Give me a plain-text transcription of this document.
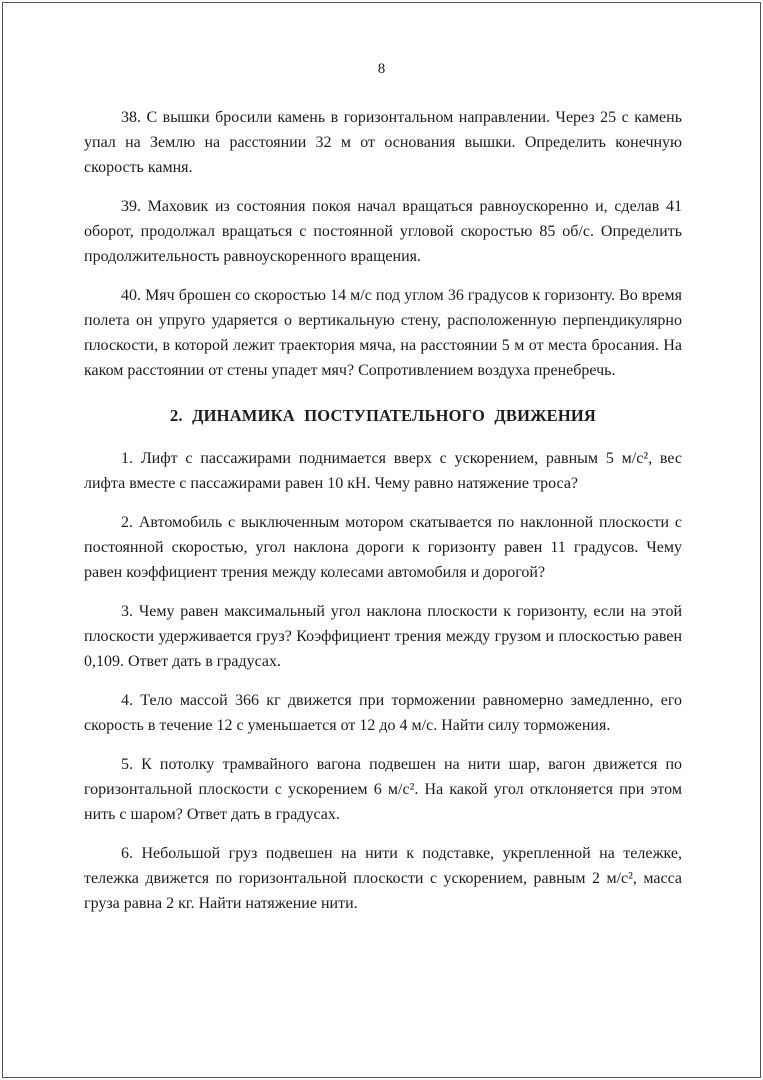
8

38. С вышки бросили камень в горизонтальном направлении. Через 25 с камень упал на Землю на расстоянии 32 м от основания вышки. Определить конечную скорость камня.

39. Маховик из состояния покоя начал вращаться равноускоренно и, сделав 41 оборот, продолжал вращаться с постоянной угловой скоростью 85 об/с. Определить продолжительность равноускоренного вращения.

40. Мяч брошен со скоростью 14 м/с под углом 36 градусов к горизонту. Во время полета он упруго ударяется о вертикальную стену, расположенную перпендикулярно плоскости, в которой лежит траектория мяча, на расстоянии 5 м от места бросания. На каком расстоянии от стены упадет мяч? Сопротивлением воздуха пренебречь.

2. ДИНАМИКА ПОСТУПАТЕЛЬНОГО ДВИЖЕНИЯ

1. Лифт с пассажирами поднимается вверх с ускорением, равным 5 м/с², вес лифта вместе с пассажирами равен 10 кН. Чему равно натяжение троса?

2. Автомобиль с выключенным мотором скатывается по наклонной плоскости с постоянной скоростью, угол наклона дороги к горизонту равен 11 градусов. Чему равен коэффициент трения между колесами автомобиля и дорогой?

3. Чему равен максимальный угол наклона плоскости к горизонту, если на этой плоскости удерживается груз? Коэффициент трения между грузом и плоскостью равен 0,109. Ответ дать в градусах.

4. Тело массой 366 кг движется при торможении равномерно замедленно, его скорость в течение 12 с уменьшается от 12 до 4 м/с. Найти силу торможения.

5. К потолку трамвайного вагона подвешен на нити шар, вагон движется по горизонтальной плоскости с ускорением 6 м/с². На какой угол отклоняется при этом нить с шаром? Ответ дать в градусах.

6. Небольшой груз подвешен на нити к подставке, укрепленной на тележке, тележка движется по горизонтальной плоскости с ускорением, равным 2 м/с², масса груза равна 2 кг. Найти натяжение нити.
